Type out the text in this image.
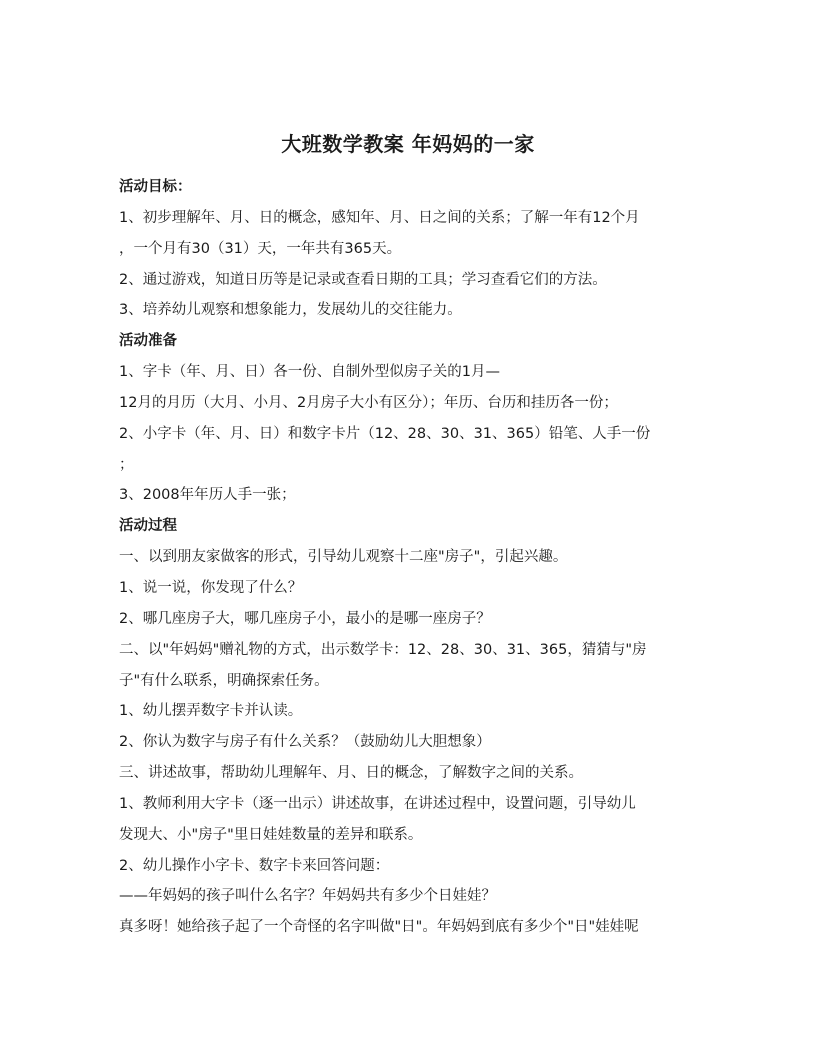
大班数学教案 年妈妈的一家
活动目标：
1、初步理解年、月、日的概念，感知年、月、日之间的关系；了解一年有12个月
，一个月有30（31）天，一年共有365天。
2、通过游戏，知道日历等是记录或查看日期的工具；学习查看它们的方法。
3、培养幼儿观察和想象能力，发展幼儿的交往能力。
活动准备
1、字卡（年、月、日）各一份、自制外型似房子关的1月—
12月的月历（大月、小月、2月房子大小有区分）；年历、台历和挂历各一份；
2、小字卡（年、月、日）和数字卡片（12、28、30、31、365）铅笔、人手一份
；
3、2008年年历人手一张；
活动过程
一、以到朋友家做客的形式，引导幼儿观察十二座"房子"，引起兴趣。
1、说一说，你发现了什么？
2、哪几座房子大，哪几座房子小，最小的是哪一座房子？
二、以"年妈妈"赠礼物的方式，出示数学卡：12、28、30、31、365，猜猜与"房
子"有什么联系，明确探索任务。
1、幼儿摆弄数字卡并认读。
2、你认为数字与房子有什么关系？（鼓励幼儿大胆想象）
三、讲述故事，帮助幼儿理解年、月、日的概念，了解数字之间的关系。
1、教师利用大字卡（逐一出示）讲述故事，在讲述过程中，设置问题，引导幼儿
发现大、小"房子"里日娃娃数量的差异和联系。
2、幼儿操作小字卡、数字卡来回答问题：
——年妈妈的孩子叫什么名字？年妈妈共有多少个日娃娃？
真多呀！她给孩子起了一个奇怪的名字叫做"日"。年妈妈到底有多少个"日"娃娃呢
